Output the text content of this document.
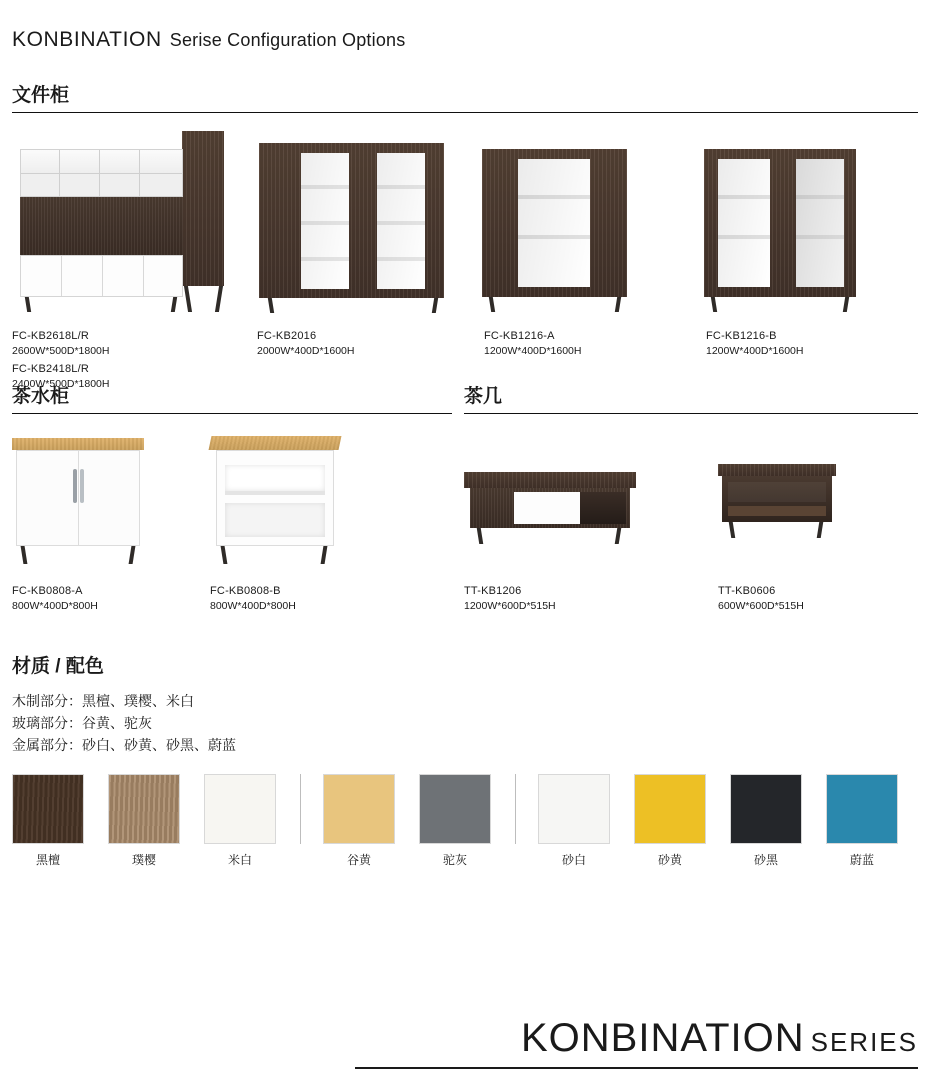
KONBINATION Serise Configuration Options
文件柜
FC-KB2618L/R
2600W*500D*1800H
FC-KB2418L/R
2400W*500D*1800H
FC-KB2016
2000W*400D*1600H
FC-KB1216-A
1200W*400D*1600H
FC-KB1216-B
1200W*400D*1600H
茶水柜	茶几
FC-KB0808-A
800W*400D*800H
FC-KB0808-B
800W*400D*800H
TT-KB1206
1200W*600D*515H
TT-KB0606
600W*600D*515H
材质 / 配色
木制部分：黑檀、璞樱、米白
玻璃部分：谷黄、驼灰
金属部分：砂白、砂黄、砂黑、蔚蓝
黑檀	璞樱	米白	谷黄	驼灰	砂白	砂黄	砂黑	蔚蓝
KONBINATION SERIES
